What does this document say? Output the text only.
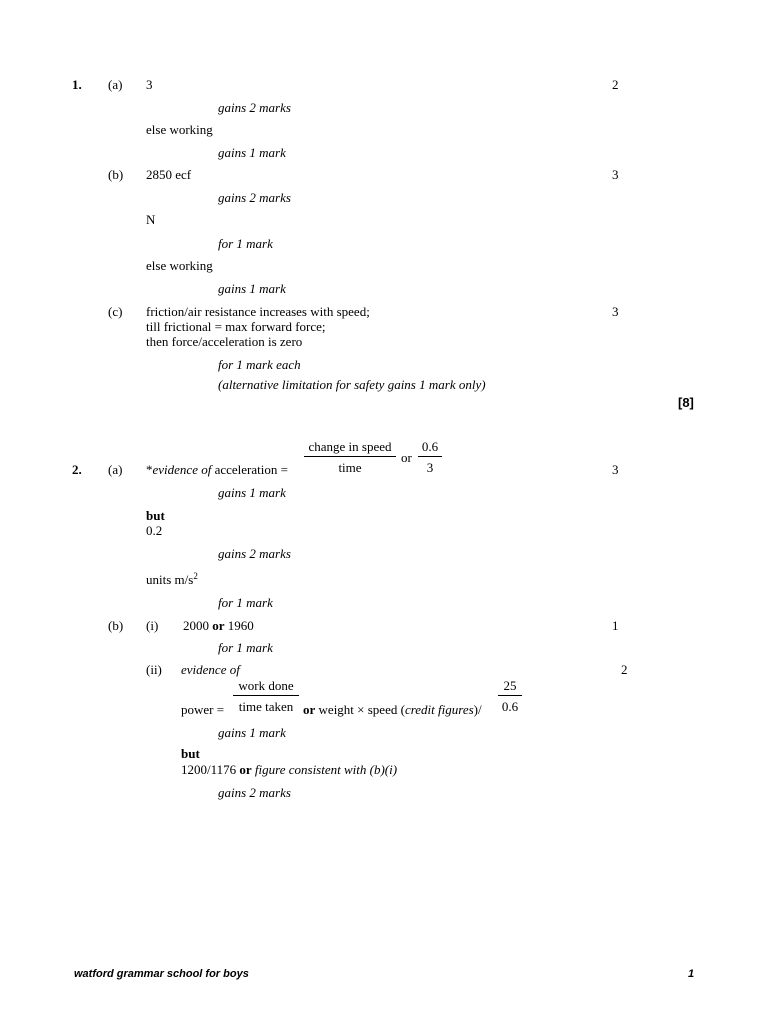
1. (a) 3	2
gains 2 marks
else working
gains 1 mark
(b) 2850 ecf	3
gains 2 marks
N
for 1 mark
else working
gains 1 mark
(c) friction/air resistance increases with speed;	3
till frictional = max forward force;
then force/acceleration is zero
for 1 mark each
(alternative limitation for safety gains 1 mark only)
[8]
change in speed
time
or
0.6
3
2. (a) *evidence of acceleration =	3
gains 1 mark
but
0.2
gains 2 marks
units $m/s^2$
for 1 mark
(b) (i) 2000 or 1960	1
for 1 mark
(ii) evidence of	2
work done
time taken
25
0.6
power =	or weight × speed (credit figures)/
gains 1 mark
but
1200/1176 or figure consistent with (b)(i)
gains 2 marks
watford grammar school for boys	1
